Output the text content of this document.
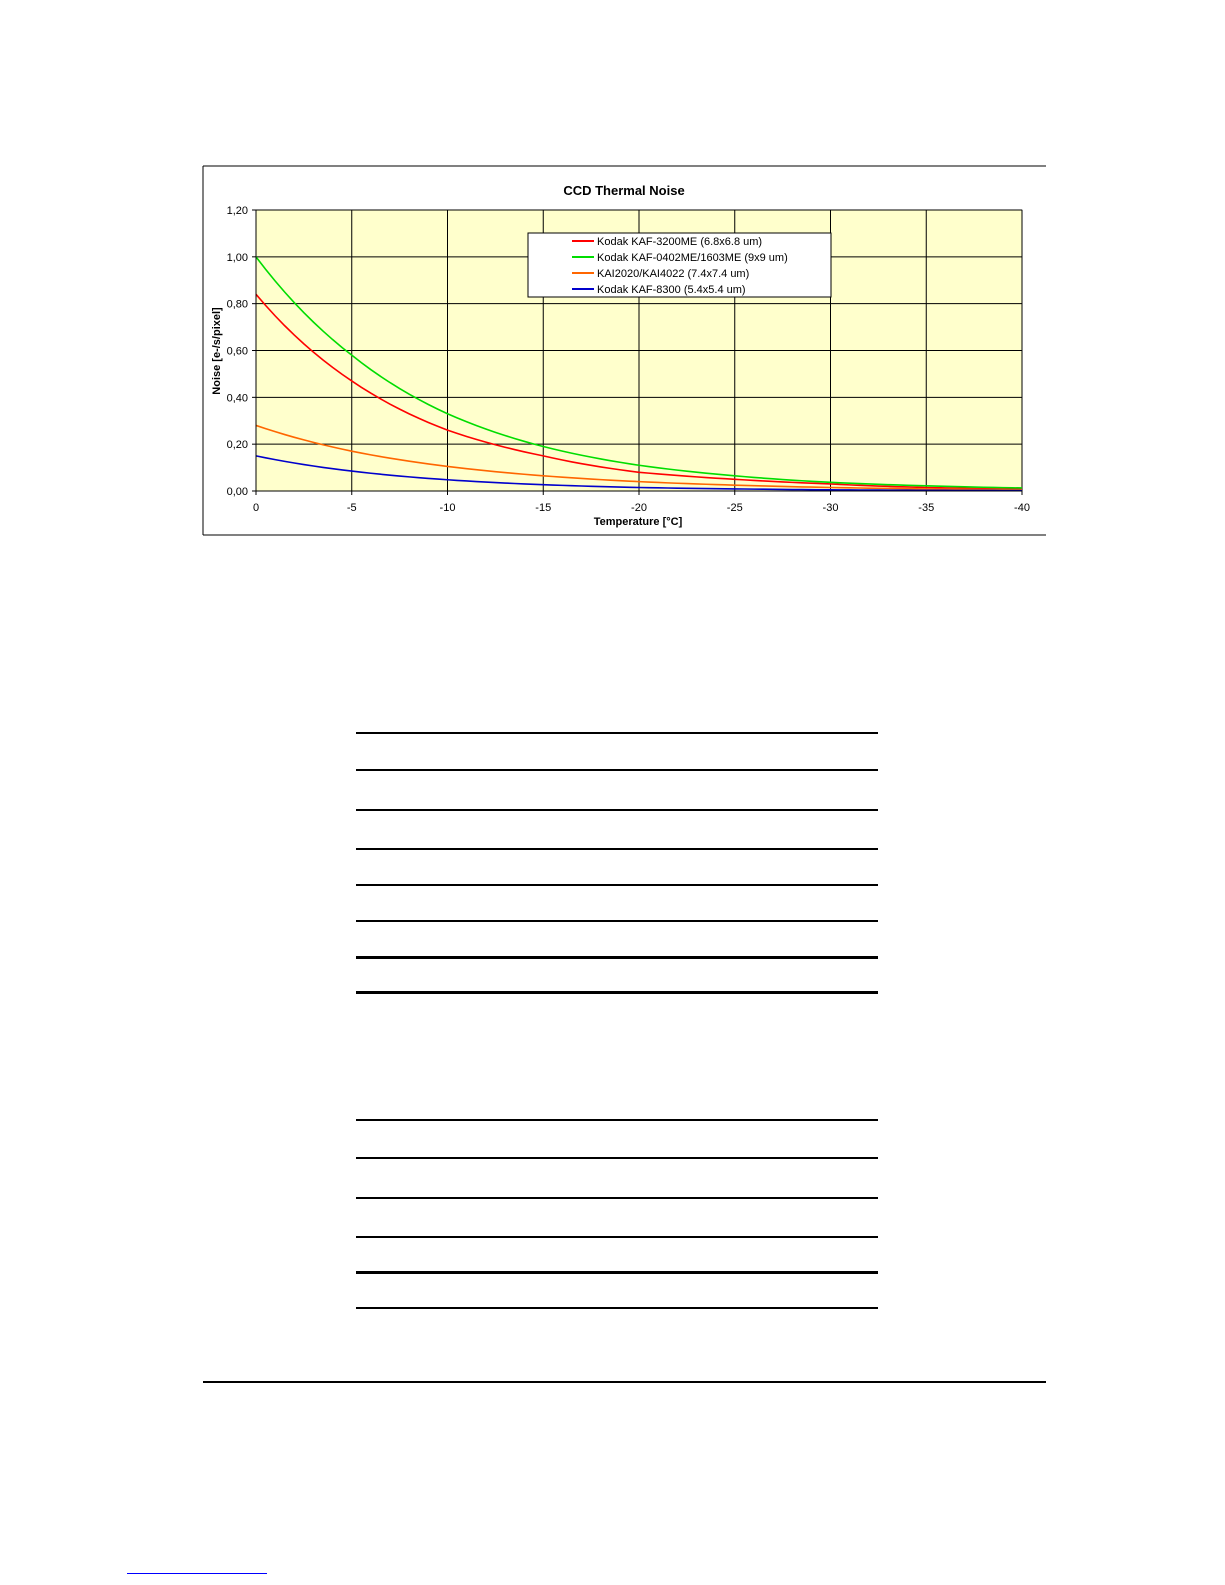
CCD Thermal Noise
0,00
0,20
0,40
0,60
0,80
1,00
1,20
0	-5	-10	-15	-20	-25	-30	-35	-40
Temperature [°C]
Noise [e-/s/pixel]
Kodak KAF-3200ME (6.8x6.8 um)
Kodak KAF-0402ME/1603ME (9x9 um)
KAI2020/KAI4022 (7.4x7.4 um)
Kodak KAF-8300 (5.4x5.4 um)
